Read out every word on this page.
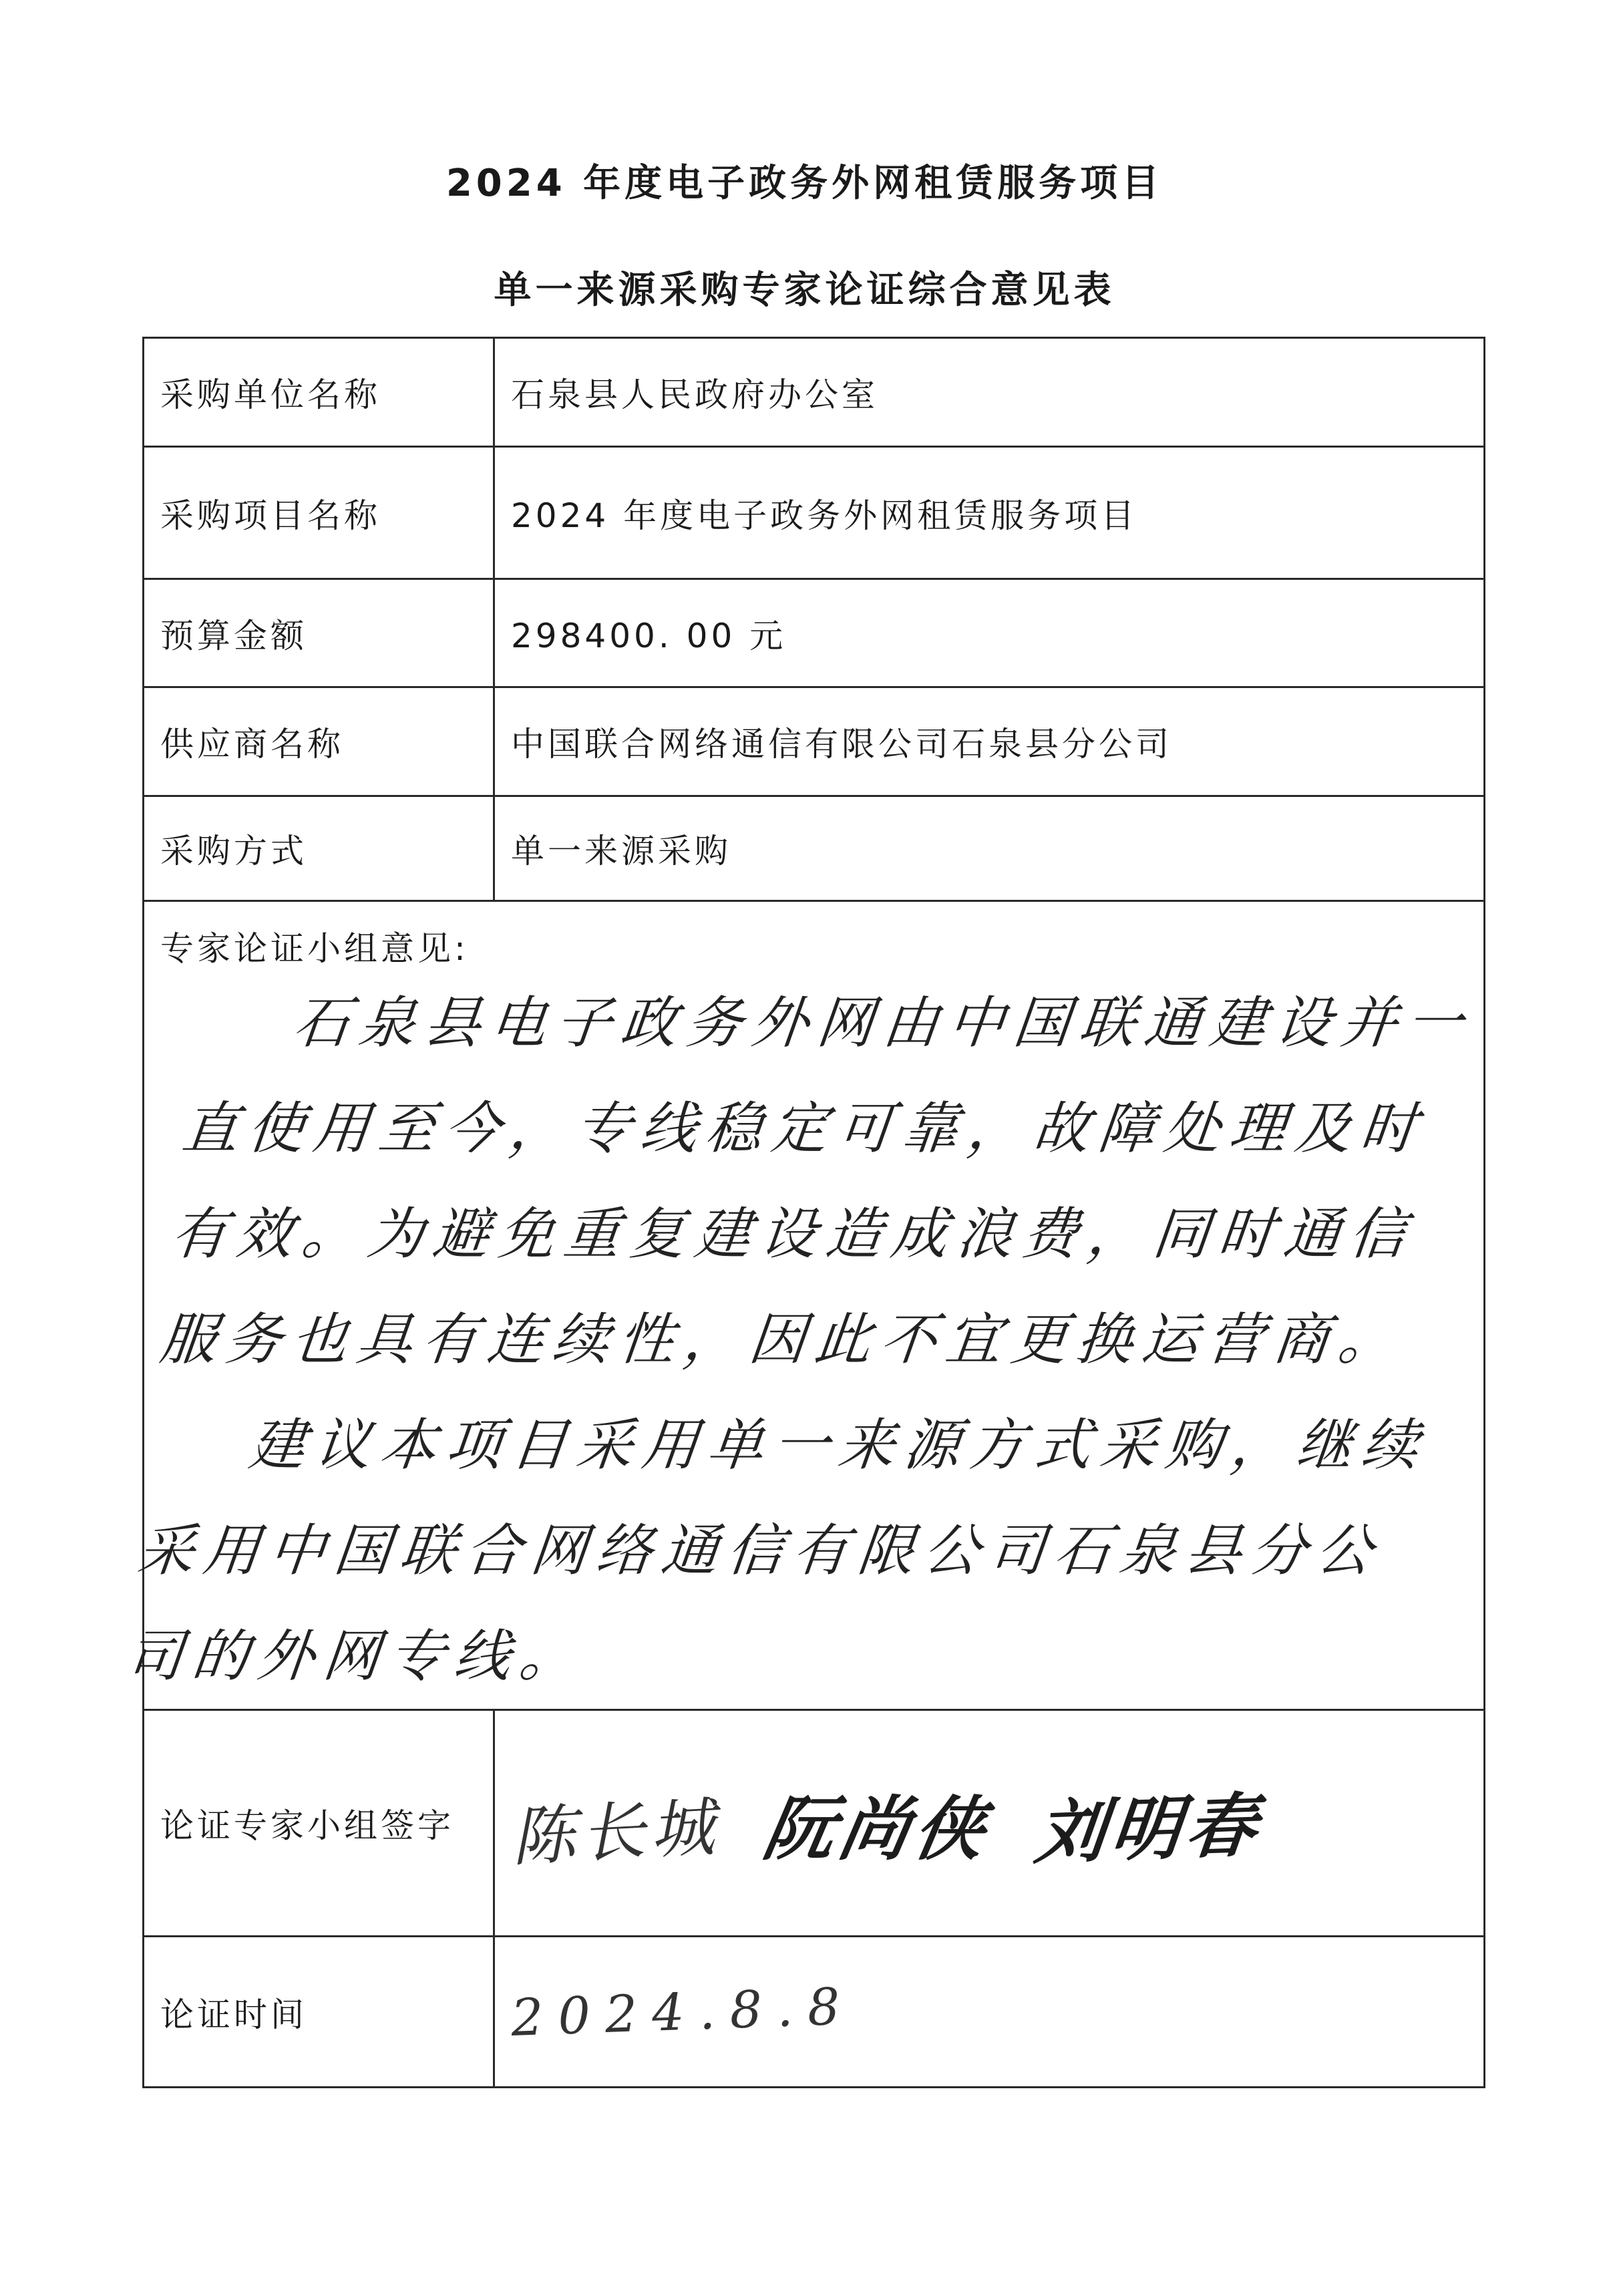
2024 年度电子政务外网租赁服务项目
单一来源采购专家论证综合意见表
采购单位名称	石泉县人民政府办公室
采购项目名称	2024 年度电子政务外网租赁服务项目
预算金额	298400. 00 元
供应商名称	中国联合网络通信有限公司石泉县分公司
采购方式	单一来源采购

专家论证小组意见:

石泉县电子政务外网由中国联通建设并一直使用至今，专线稳定可靠，故障处理及时有效。为避免重复建设造成浪费，同时通信服务也具有连续性，因此不宜更换运营商。

建议本项目采用单一来源方式采购，继续采用中国联合网络通信有限公司石泉县分公司的外网专线。	

论证专家小组签字	陈长城 阮尚侠 刘明春

论证时间	2024.8.8
